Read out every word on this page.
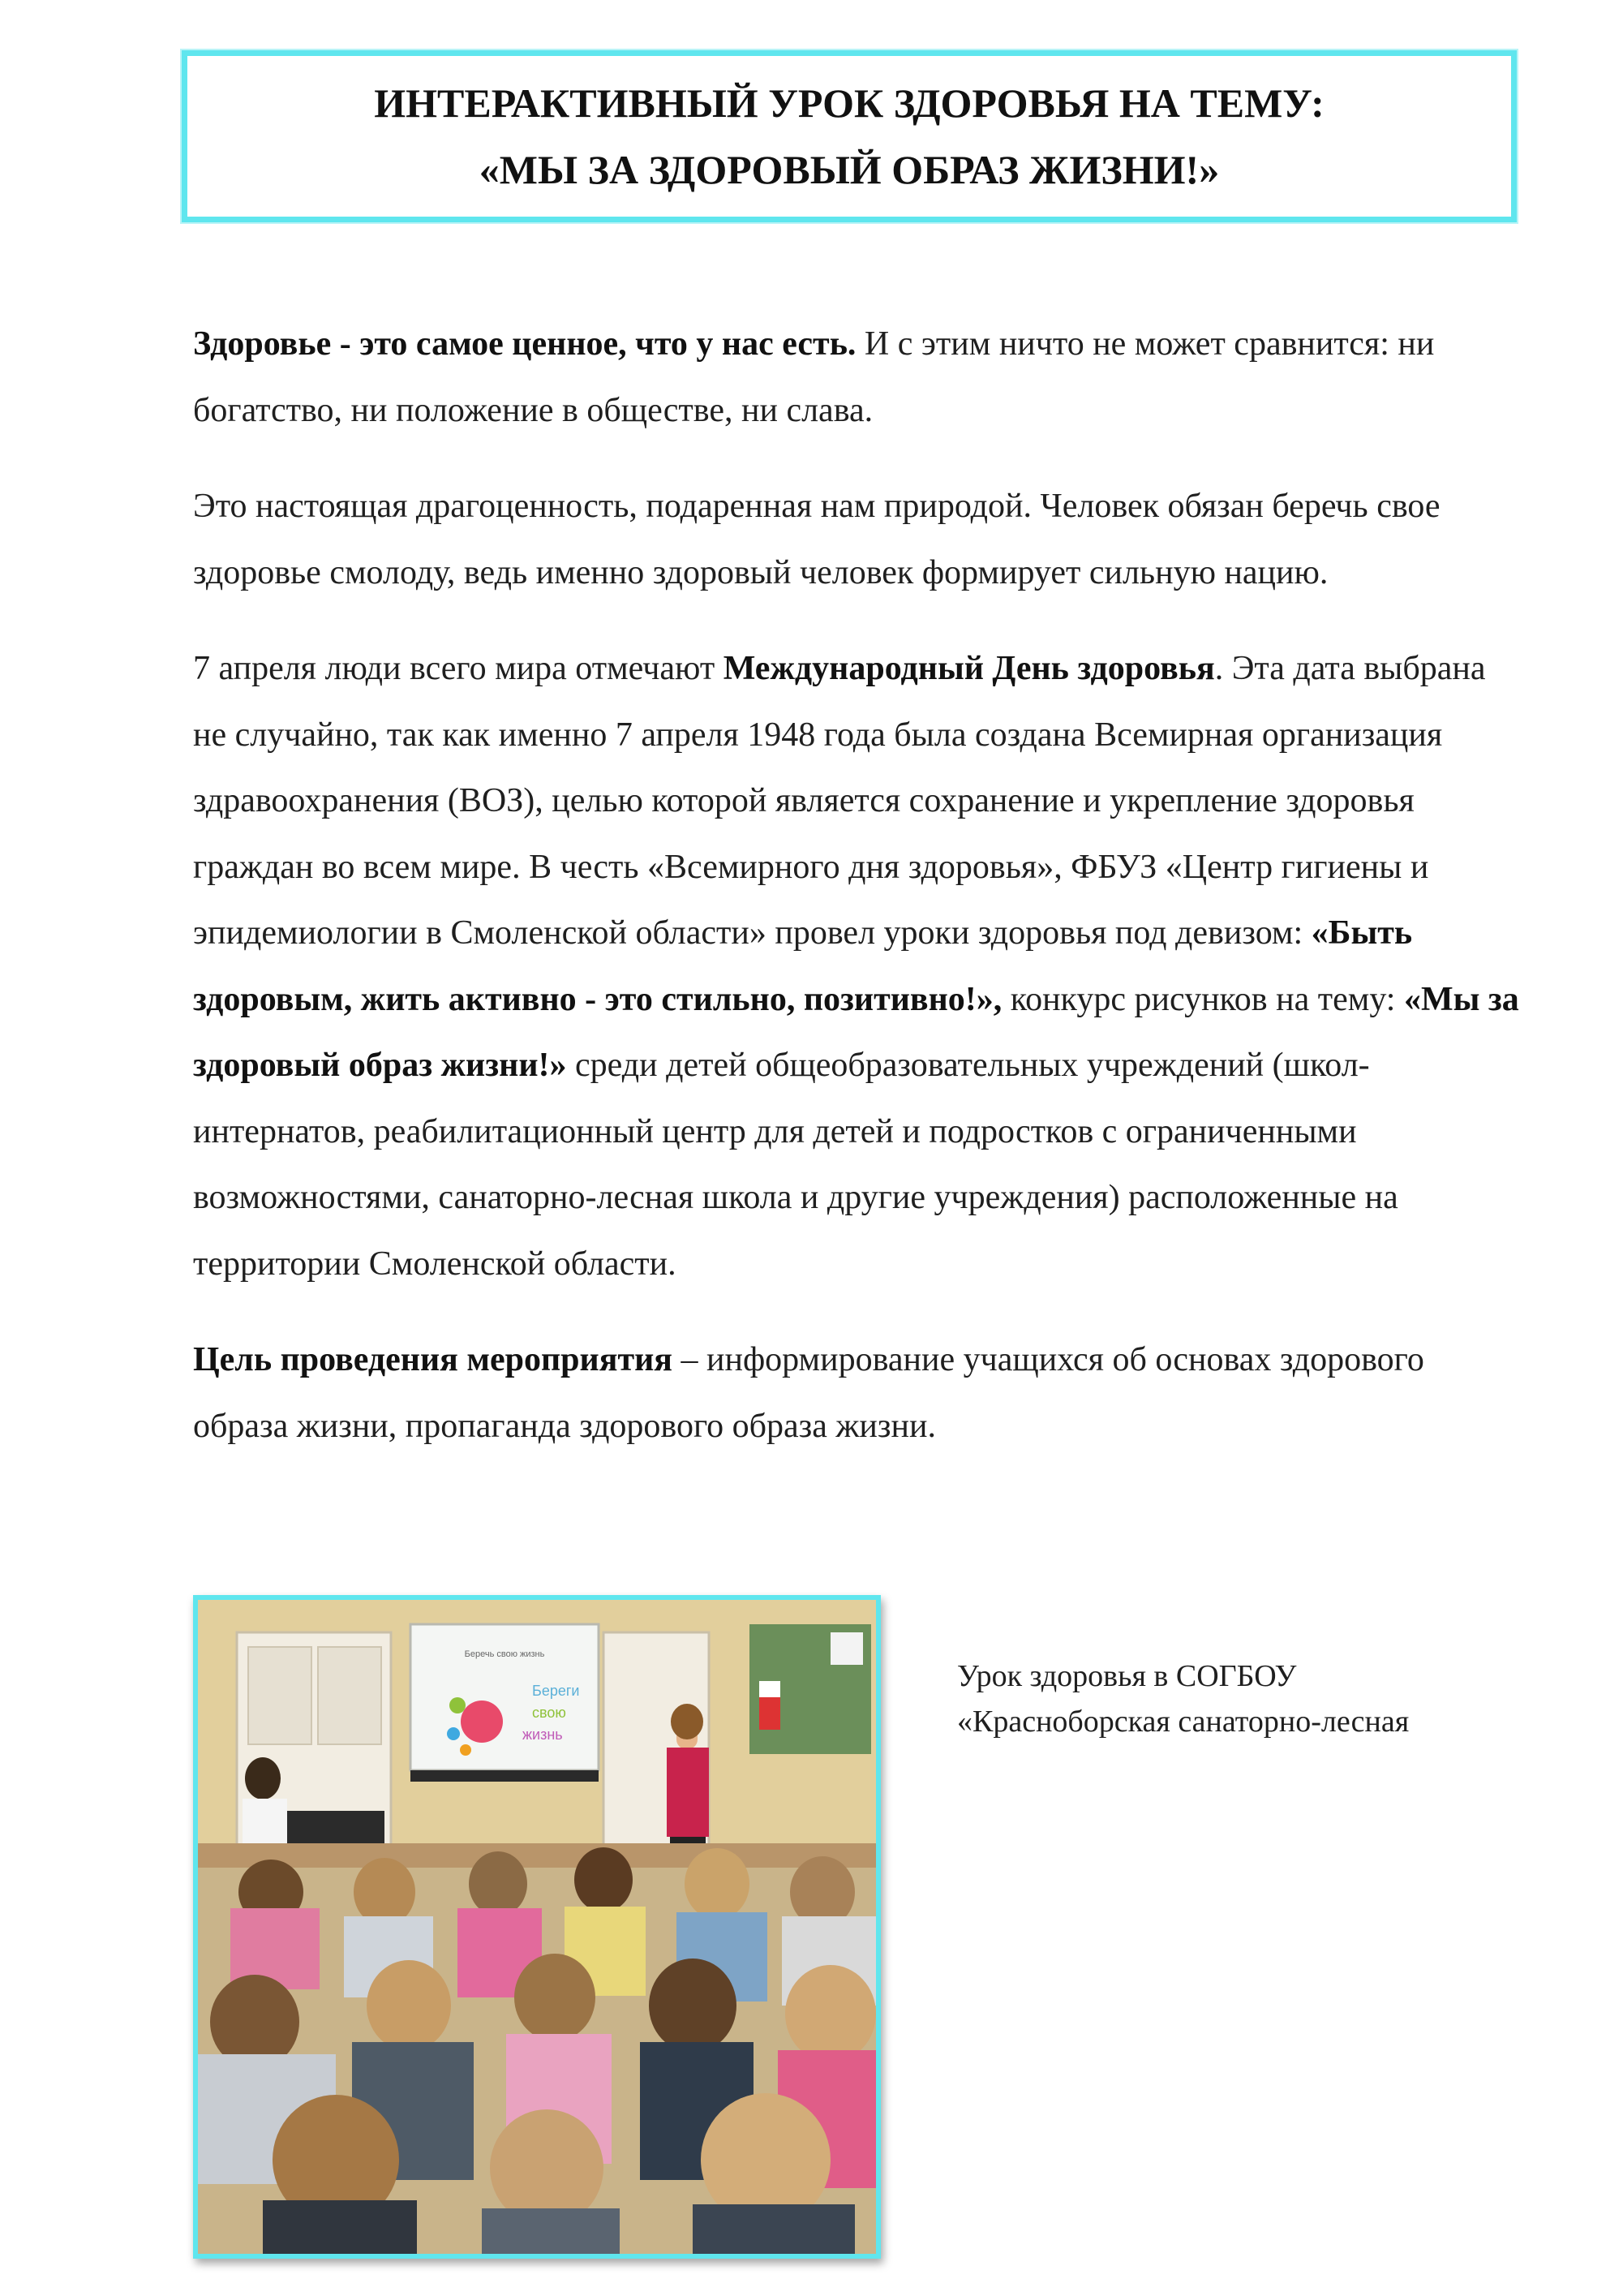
ИНТЕРАКТИВНЫЙ УРОК ЗДОРОВЬЯ НА ТЕМУ:
«МЫ ЗА ЗДОРОВЫЙ ОБРАЗ ЖИЗНИ!»

Здоровье - это самое ценное, что у нас есть. И с этим ничто не может сравнится: ни богатство, ни положение в обществе, ни слава.

Это настоящая драгоценность, подаренная нам природой. Человек обязан беречь свое здоровье смолоду, ведь именно здоровый человек формирует сильную нацию.

7 апреля люди всего мира отмечают Международный День здоровья. Эта дата выбрана не случайно, так как именно 7 апреля 1948 года была создана Всемирная организация здравоохранения (ВОЗ), целью которой является сохранение и укрепление здоровья граждан во всем мире. В честь «Всемирного дня здоровья», ФБУЗ «Центр гигиены и эпидемиологии в Смоленской области» провел уроки здоровья под девизом: «Быть здоровым, жить активно - это стильно, позитивно!», конкурс рисунков на тему: «Мы за здоровый образ жизни!» среди детей общеобразовательных учреждений (школ-интернатов, реабилитационный центр для детей и подростков с ограниченными возможностями, санаторно-лесная школа и другие учреждения) расположенные на территории Смоленской области.

Цель проведения мероприятия – информирование учащихся об основах здорового образа жизни, пропаганда здорового образа жизни.

Беречь свою жизнь
Береги
свою
жизнь
Урок здоровья в СОГБОУ
«Красноборская санаторно-лесная
